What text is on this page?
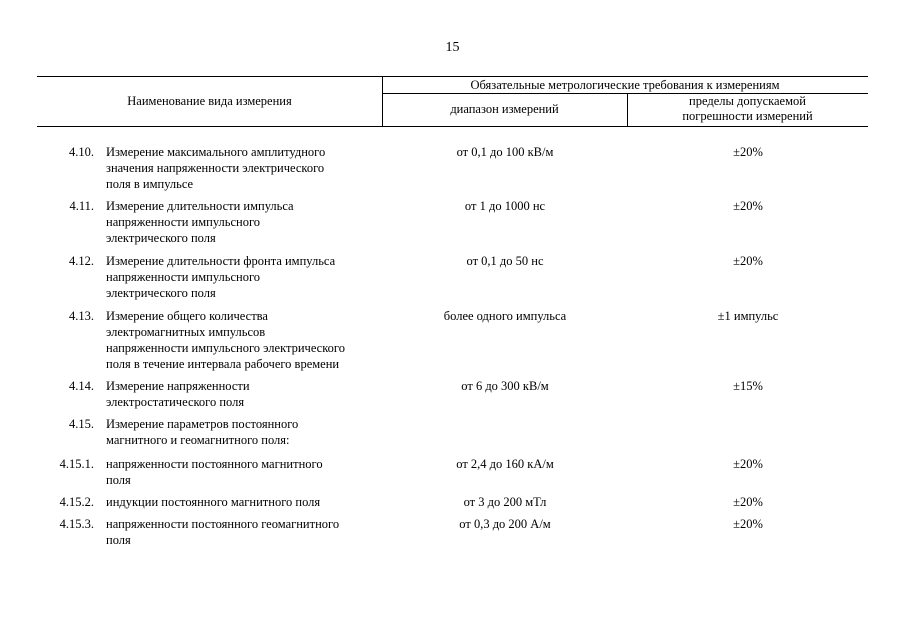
15
Наименование вида измерения
Обязательные метрологические требования к измерениям
диапазон измерений
пределы допускаемой
погрешности измерений
4.10. Измерение максимального амплитудного
значения напряженности электрического
поля в импульсе
от 0,1 до 100 кВ/м	±20%
4.11. Измерение длительности импульса
напряженности импульсного
электрического поля
от 1 до 1000 нс	±20%
4.12. Измерение длительности фронта импульса
напряженности импульсного
электрического поля
от 0,1 до 50 нс	±20%
4.13. Измерение общего количества
электромагнитных импульсов
напряженности импульсного электрического
поля в течение интервала рабочего времени
более одного импульса	±1 импульс
4.14. Измерение напряженности
электростатического поля
от 6 до 300 кВ/м	±15%
4.15. Измерение параметров постоянного
магнитного и геомагнитного поля:
4.15.1. напряженности постоянного магнитного
поля
от 2,4 до 160 кА/м	±20%
4.15.2. индукции постоянного магнитного поля	от 3 до 200 мТл	±20%
4.15.3. напряженности постоянного геомагнитного
поля
от 0,3 до 200 А/м	±20%
